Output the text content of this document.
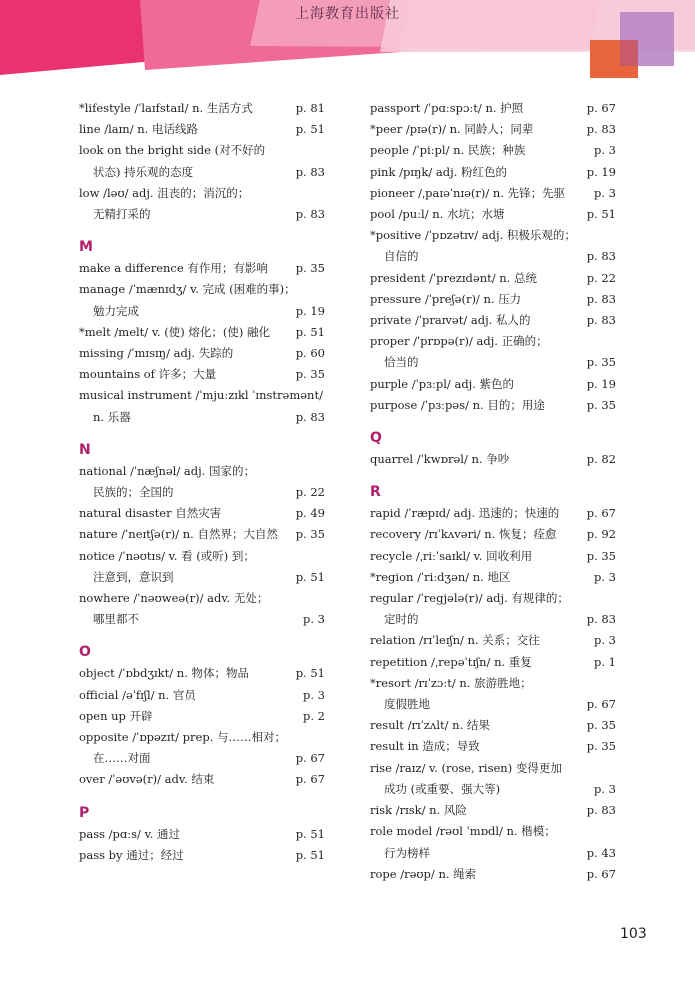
上海教育出版社
*lifestyle /ˈlaɪfstaɪl/ n. 生活方式	p. 81
line /laɪn/ n. 电话线路	p. 51
look on the bright side (对不好的
状态) 持乐观的态度	p. 83
low /ləʊ/ adj. 沮丧的；消沉的；
无精打采的	p. 83
M
make a difference 有作用；有影响	p. 35
manage /ˈmænɪdʒ/ v. 完成 (困难的事)；
勉力完成	p. 19
*melt /melt/ v. (使) 熔化；(使) 融化	p. 51
missing /ˈmɪsɪŋ/ adj. 失踪的	p. 60
mountains of 许多；大量	p. 35
musical instrument /ˈmjuːzɪkl ˈɪnstrəmənt/
n. 乐器	p. 83
N
national /ˈnæʃnəl/ adj. 国家的；
民族的；全国的	p. 22
natural disaster 自然灾害	p. 49
nature /ˈneɪtʃə(r)/ n. 自然界；大自然	p. 35
notice /ˈnəʊtɪs/ v. 看 (或听) 到；
注意到，意识到	p. 51
nowhere /ˈnəʊweə(r)/ adv. 无处；
哪里都不	p. 3
O
object /ˈɒbdʒɪkt/ n. 物体；物品	p. 51
official /əˈfɪʃl/ n. 官员	p. 3
open up 开辟	p. 2
opposite /ˈɒpəzɪt/ prep. 与……相对；
在……对面	p. 67
over /ˈəʊvə(r)/ adv. 结束	p. 67
P
pass /pɑːs/ v. 通过	p. 51
pass by 通过；经过	p. 51
passport /ˈpɑːspɔːt/ n. 护照	p. 67
*peer /pɪə(r)/ n. 同龄人；同辈	p. 83
people /ˈpiːpl/ n. 民族；种族	p. 3
pink /pɪŋk/ adj. 粉红色的	p. 19
pioneer /ˌpaɪəˈnɪə(r)/ n. 先锋；先驱	p. 3
pool /puːl/ n. 水坑；水塘	p. 51
*positive /ˈpɒzətɪv/ adj. 积极乐观的；
自信的	p. 83
president /ˈprezɪdənt/ n. 总统	p. 22
pressure /ˈpreʃə(r)/ n. 压力	p. 83
private /ˈpraɪvət/ adj. 私人的	p. 83
proper /ˈprɒpə(r)/ adj. 正确的；
恰当的	p. 35
purple /ˈpɜːpl/ adj. 紫色的	p. 19
purpose /ˈpɜːpəs/ n. 目的；用途	p. 35
Q
quarrel /ˈkwɒrəl/ n. 争吵	p. 82
R
rapid /ˈræpɪd/ adj. 迅速的；快速的	p. 67
recovery /rɪˈkʌvəri/ n. 恢复；痊愈	p. 92
recycle /ˌriːˈsaɪkl/ v. 回收利用	p. 35
*region /ˈriːdʒən/ n. 地区	p. 3
regular /ˈregjələ(r)/ adj. 有规律的；
定时的	p. 83
relation /rɪˈleɪʃn/ n. 关系；交往	p. 3
repetition /ˌrepəˈtɪʃn/ n. 重复	p. 1
*resort /rɪˈzɔːt/ n. 旅游胜地；
度假胜地	p. 67
result /rɪˈzʌlt/ n. 结果	p. 35
result in 造成；导致	p. 35
rise /raɪz/ v. (rose, risen) 变得更加
成功 (或重要、强大等)	p. 3
risk /rɪsk/ n. 风险	p. 83
role model /rəʊl ˈmɒdl/ n. 楷模；
行为榜样	p. 43
rope /rəʊp/ n. 绳索	p. 67
103
